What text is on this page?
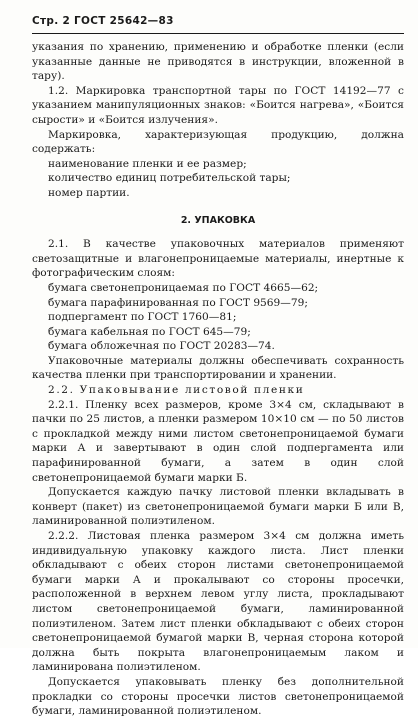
Стр. 2 ГОСТ 25642—83

указания по хранению, применению и обработке пленки (если указанные данные не приводятся в инструкции, вложенной в тару).

1.2. Маркировка транспортной тары по ГОСТ 14192—77 с указанием манипуляционных знаков: «Боится нагрева», «Боится сырости» и «Боится излучения».

Маркировка, характеризующая продукцию, должна содержать:

наименование пленки и ее размер;

количество единиц потребительской тары;

номер партии.

2. УПАКОВКА

2.1. В качестве упаковочных материалов применяют светозащитные и влагонепроницаемые материалы, инертные к фотографическим слоям:

бумага светонепроницаемая по ГОСТ 4665—62;

бумага парафинированная по ГОСТ 9569—79;

подпергамент по ГОСТ 1760—81;

бумага кабельная по ГОСТ 645—79;

бумага обложечная по ГОСТ 20283—74.

Упаковочные материалы должны обеспечивать сохранность качества пленки при транспортировании и хранении.

2.2. Упаковывание листовой пленки

2.2.1. Пленку всех размеров, кроме 3×4 см, складывают в пачки по 25 листов, а пленки размером 10×10 см — по 50 листов с прокладкой между ними листом светонепроницаемой бумаги марки А и завертывают в один слой подпергамента или парафинированной бумаги, а затем в один слой светонепроницаемой бумаги марки Б.

Допускается каждую пачку листовой пленки вкладывать в конверт (пакет) из светонепроницаемой бумаги марки Б или В, ламинированной полиэтиленом.

2.2.2. Листовая пленка размером 3×4 см должна иметь индивидуальную упаковку каждого листа. Лист пленки обкладывают с обеих сторон листами светонепроницаемой бумаги марки А и прокалывают со стороны просечки, расположенной в верхнем левом углу листа, прокладывают листом светонепроницаемой бумаги, ламинированной полиэтиленом. Затем лист пленки обкладывают с обеих сторон светонепроницаемой бумагой марки В, черная сторона которой должна быть покрыта влагонепроницаемым лаком и ламинирована полиэтиленом.

Допускается упаковывать пленку без дополнительной прокладки со стороны просечки листов светонепроницаемой бумаги, ламинированной полиэтиленом.
